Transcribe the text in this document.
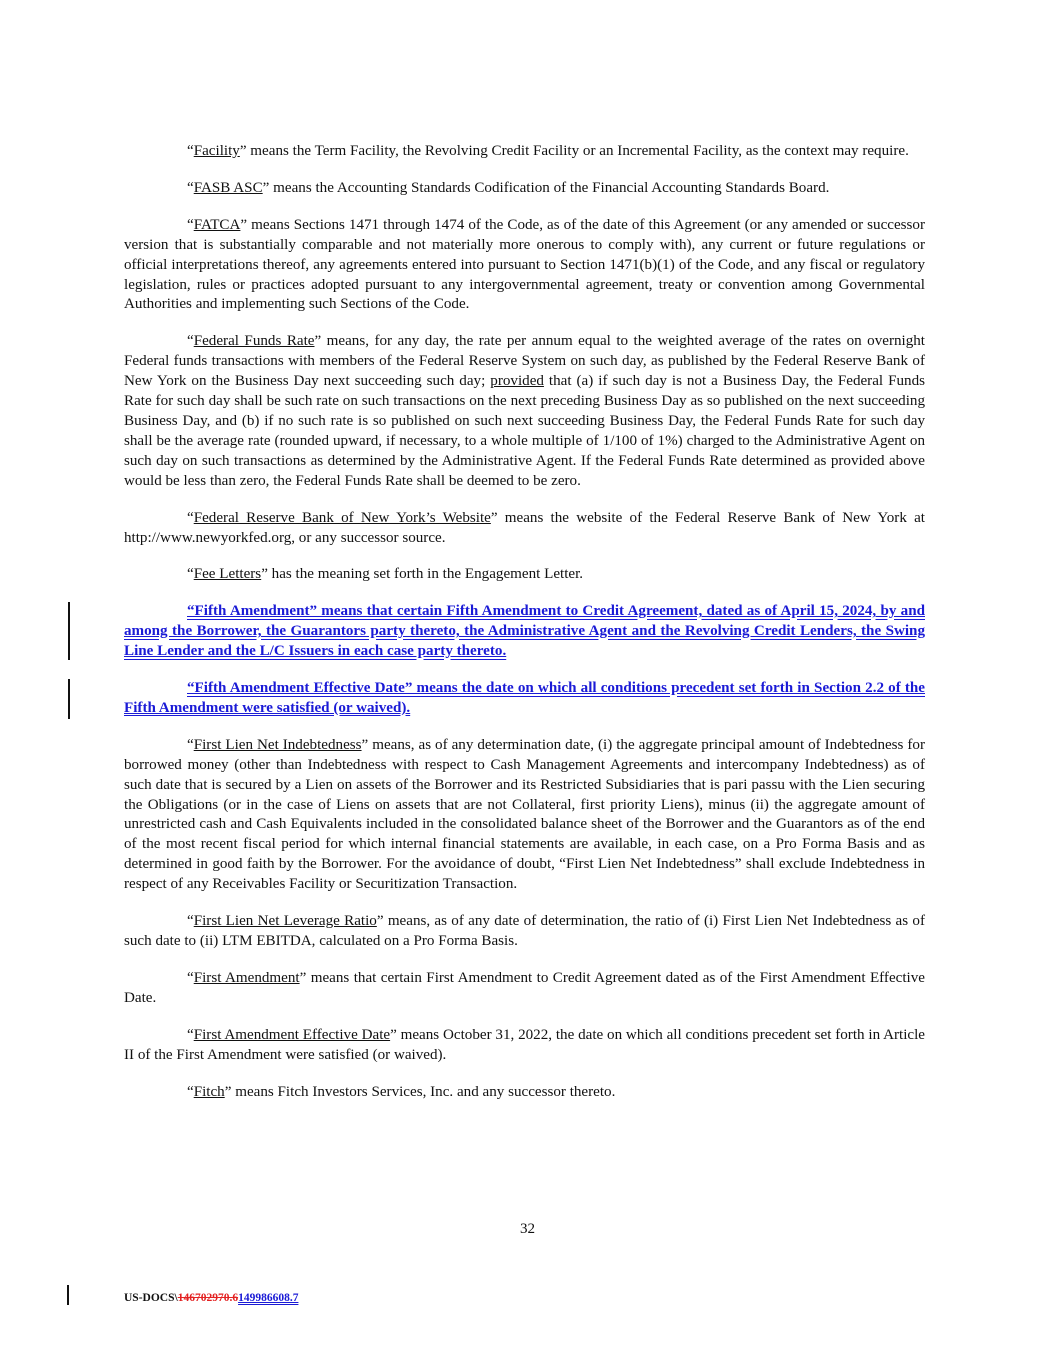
“Facility” means the Term Facility, the Revolving Credit Facility or an Incremental Facility, as the context may require.

“FASB ASC” means the Accounting Standards Codification of the Financial Accounting Standards Board.

“FATCA” means Sections 1471 through 1474 of the Code, as of the date of this Agreement (or any amended or successor version that is substantially comparable and not materially more onerous to comply with), any current or future regulations or official interpretations thereof, any agreements entered into pursuant to Section 1471(b)(1) of the Code, and any fiscal or regulatory legislation, rules or practices adopted pursuant to any intergovernmental agreement, treaty or convention among Governmental Authorities and implementing such Sections of the Code.

“Federal Funds Rate” means, for any day, the rate per annum equal to the weighted average of the rates on overnight Federal funds transactions with members of the Federal Reserve System on such day, as published by the Federal Reserve Bank of New York on the Business Day next succeeding such day; provided that (a) if such day is not a Business Day, the Federal Funds Rate for such day shall be such rate on such transactions on the next preceding Business Day as so published on the next succeeding Business Day, and (b) if no such rate is so published on such next succeeding Business Day, the Federal Funds Rate for such day shall be the average rate (rounded upward, if necessary, to a whole multiple of 1/100 of 1%) charged to the Administrative Agent on such day on such transactions as determined by the Administrative Agent. If the Federal Funds Rate determined as provided above would be less than zero, the Federal Funds Rate shall be deemed to be zero.

“Federal Reserve Bank of New York’s Website” means the website of the Federal Reserve Bank of New York at http://www.newyorkfed.org, or any successor source.

“Fee Letters” has the meaning set forth in the Engagement Letter.

“Fifth Amendment” means that certain Fifth Amendment to Credit Agreement, dated as of April 15, 2024, by and among the Borrower, the Guarantors party thereto, the Administrative Agent and the Revolving Credit Lenders, the Swing Line Lender and the L/C Issuers in each case party thereto.

“Fifth Amendment Effective Date” means the date on which all conditions precedent set forth in Section 2.2 of the Fifth Amendment were satisfied (or waived).

“First Lien Net Indebtedness” means, as of any determination date, (i) the aggregate principal amount of Indebtedness for borrowed money (other than Indebtedness with respect to Cash Management Agreements and intercompany Indebtedness) as of such date that is secured by a Lien on assets of the Borrower and its Restricted Subsidiaries that is pari passu with the Lien securing the Obligations (or in the case of Liens on assets that are not Collateral, first priority Liens), minus (ii) the aggregate amount of unrestricted cash and Cash Equivalents included in the consolidated balance sheet of the Borrower and the Guarantors as of the end of the most recent fiscal period for which internal financial statements are available, in each case, on a Pro Forma Basis and as determined in good faith by the Borrower. For the avoidance of doubt, “First Lien Net Indebtedness” shall exclude Indebtedness in respect of any Receivables Facility or Securitization Transaction.

“First Lien Net Leverage Ratio” means, as of any date of determination, the ratio of (i) First Lien Net Indebtedness as of such date to (ii) LTM EBITDA, calculated on a Pro Forma Basis.

“First Amendment” means that certain First Amendment to Credit Agreement dated as of the First Amendment Effective Date.

“First Amendment Effective Date” means October 31, 2022, the date on which all conditions precedent set forth in Article II of the First Amendment were satisfied (or waived).

“Fitch” means Fitch Investors Services, Inc. and any successor thereto.

32
US-DOCS\146702970.6149986608.7
